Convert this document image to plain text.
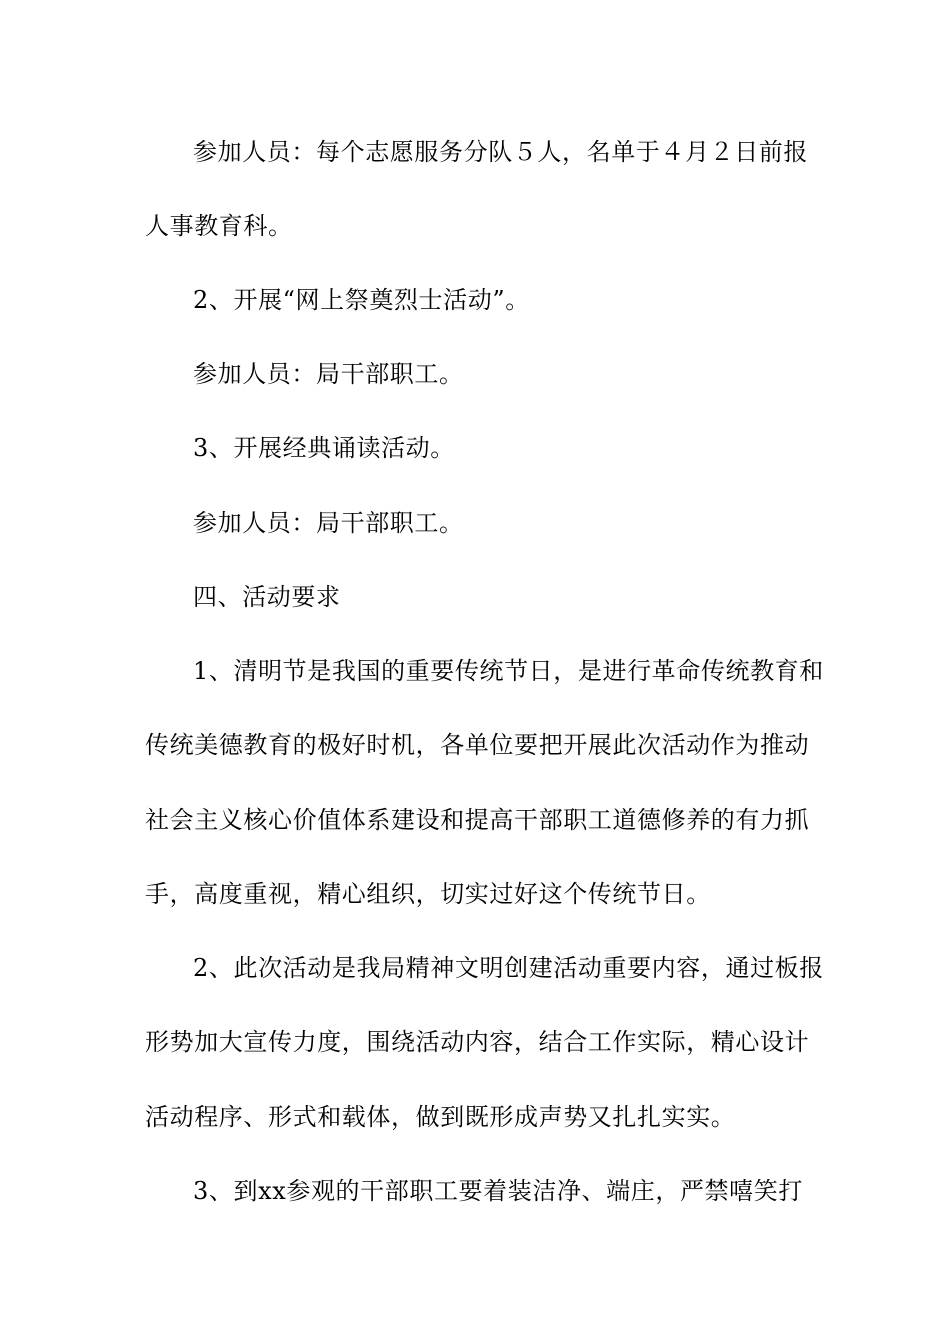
参加人员：每个志愿服务分队５人，名单于４月２日前报
人事教育科。
2、开展“网上祭奠烈士活动”。
参加人员：局干部职工。
3、开展经典诵读活动。
参加人员：局干部职工。
四、活动要求
1、清明节是我国的重要传统节日，是进行革命传统教育和
传统美德教育的极好时机，各单位要把开展此次活动作为推动
社会主义核心价值体系建设和提高干部职工道德修养的有力抓
手，高度重视，精心组织，切实过好这个传统节日。
2、此次活动是我局精神文明创建活动重要内容，通过板报
形势加大宣传力度，围绕活动内容，结合工作实际，精心设计
活动程序、形式和载体，做到既形成声势又扎扎实实。
3、到xx参观的干部职工要着装洁净、端庄，严禁嘻笑打
